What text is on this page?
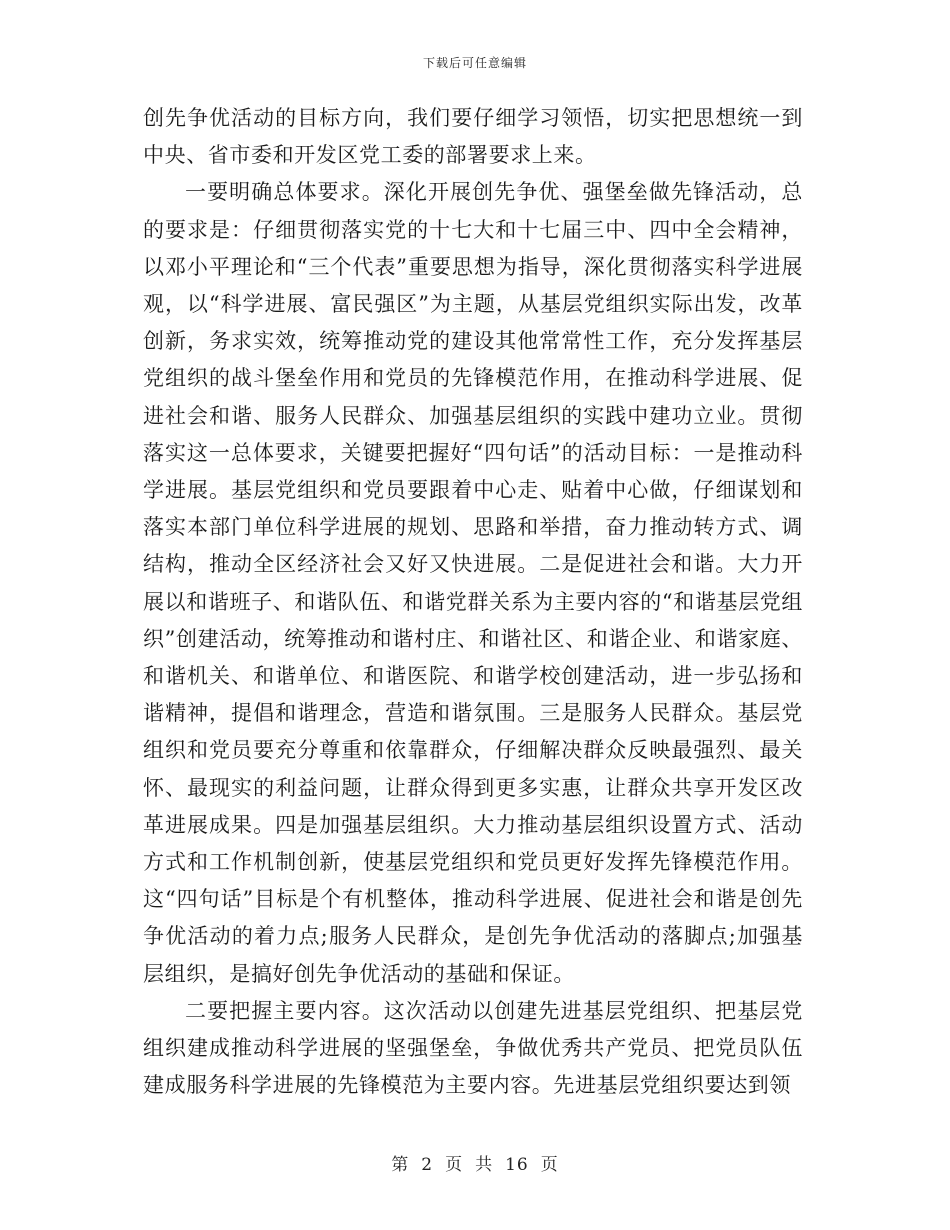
下载后可任意编辑

创先争优活动的目标方向，我们要仔细学习领悟，切实把思想统一到中央、省市委和开发区党工委的部署要求上来。

一要明确总体要求。深化开展创先争优、强堡垒做先锋活动，总的要求是：仔细贯彻落实党的十七大和十七届三中、四中全会精神，以邓小平理论和“三个代表”重要思想为指导，深化贯彻落实科学进展观，以“科学进展、富民强区”为主题，从基层党组织实际出发，改革创新，务求实效，统筹推动党的建设其他常常性工作，充分发挥基层党组织的战斗堡垒作用和党员的先锋模范作用，在推动科学进展、促进社会和谐、服务人民群众、加强基层组织的实践中建功立业。贯彻落实这一总体要求，关键要把握好“四句话”的活动目标：一是推动科学进展。基层党组织和党员要跟着中心走、贴着中心做，仔细谋划和落实本部门单位科学进展的规划、思路和举措，奋力推动转方式、调结构，推动全区经济社会又好又快进展。二是促进社会和谐。大力开展以和谐班子、和谐队伍、和谐党群关系为主要内容的“和谐基层党组织”创建活动，统筹推动和谐村庄、和谐社区、和谐企业、和谐家庭、和谐机关、和谐单位、和谐医院、和谐学校创建活动，进一步弘扬和谐精神，提倡和谐理念，营造和谐氛围。三是服务人民群众。基层党组织和党员要充分尊重和依靠群众，仔细解决群众反映最强烈、最关怀、最现实的利益问题，让群众得到更多实惠，让群众共享开发区改革进展成果。四是加强基层组织。大力推动基层组织设置方式、活动方式和工作机制创新，使基层党组织和党员更好发挥先锋模范作用。这“四句话”目标是个有机整体，推动科学进展、促进社会和谐是创先争优活动的着力点;服务人民群众，是创先争优活动的落脚点;加强基层组织，是搞好创先争优活动的基础和保证。

二要把握主要内容。这次活动以创建先进基层党组织、把基层党组织建成推动科学进展的坚强堡垒，争做优秀共产党员、把党员队伍建成服务科学进展的先锋模范为主要内容。先进基层党组织要达到领

第 2 页 共 16 页
